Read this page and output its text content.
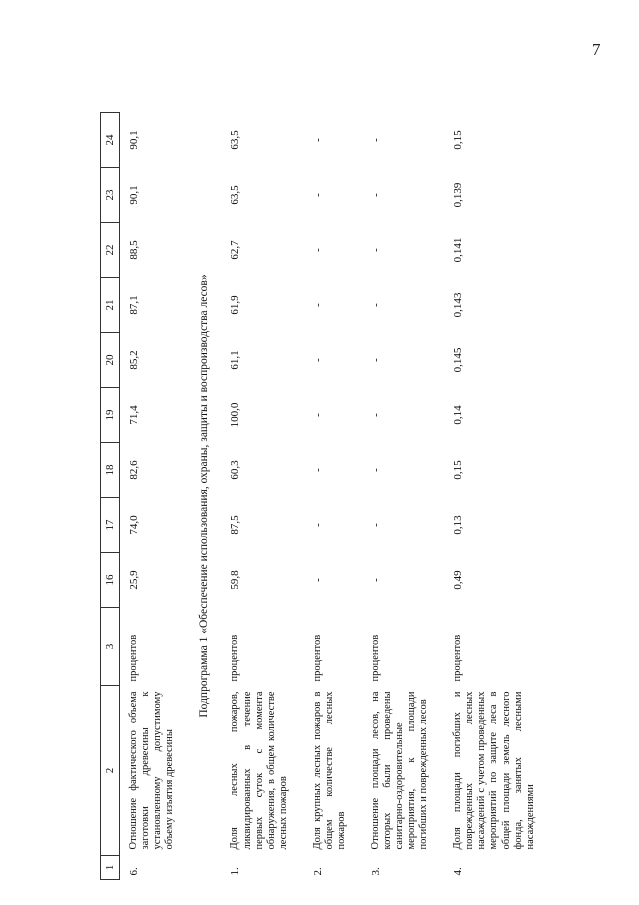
7
1	2	3	16	17	18	19	20	21	22	23	24
6.	Отношение фактического объема заготовки древесины к установленному допустимому объему изъятия древесины	процентов	25,9	74,0	82,6	71,4	85,2	87,1	88,5	90,1	90,1
Подпрограмма 1 «Обеспечение использования, охраны, защиты и воспроизводства лесов»											
1.	Доля лесных пожаров, ликвидированных в течение первых суток с момента обнаружения, в общем количестве лесных пожаров	процентов	59,8	87,5	60,3	100,0	61,1	61,9	62,7	63,5	63,5
2.	Доля крупных лесных пожаров в общем количестве лесных пожаров	процентов	-	-	-	-	-	-	-	-	-
3.	Отношение площади лесов, на которых были проведены санитарно-оздоровительные мероприятия, к площади погибших и поврежденных лесов	процентов	-	-	-	-	-	-	-	-	-
4.	Доля площади погибших и поврежденных лесных насаждений с учетом проведенных мероприятий по защите леса в общей площади земель лесного фонда, занятых лесными насаждениями	процентов	0,49	0,13	0,15	0,14	0,145	0,143	0,141	0,139	0,15
